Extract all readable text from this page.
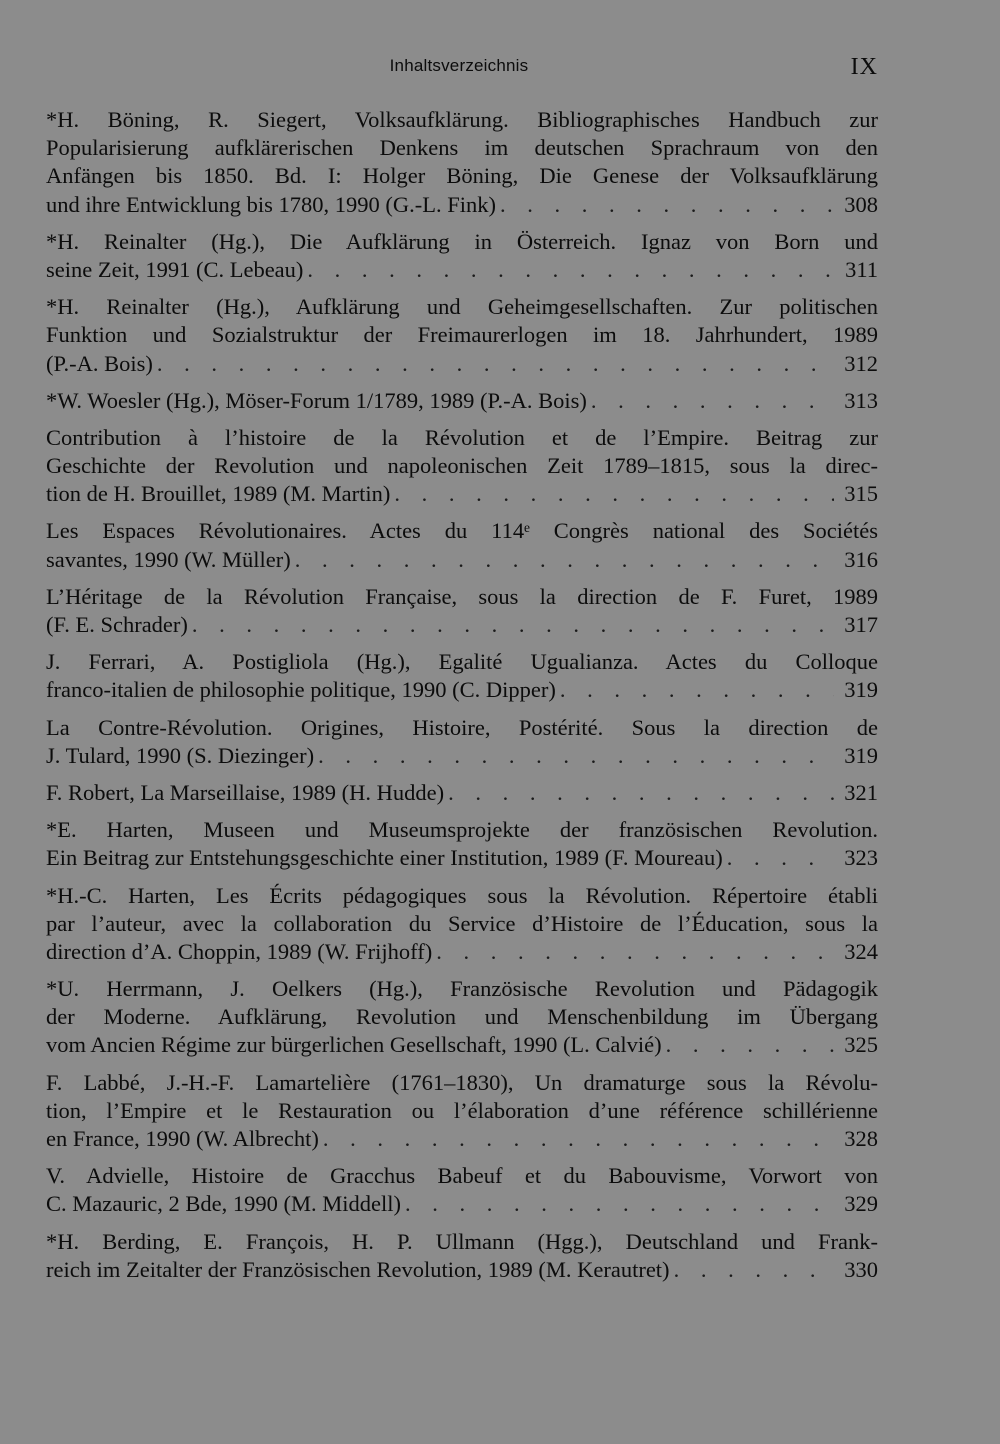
Inhaltsverzeichnis	IX
*H. Böning, R. Siegert, Volksaufklärung. Bibliographisches Handbuch zur
Popularisierung aufklärerischen Denkens im deutschen Sprachraum von den
Anfängen bis 1850. Bd. I: Holger Böning, Die Genese der Volksaufklärung
und ihre Entwicklung bis 1780, 1990 (G.-L. Fink) . . .	308
*H. Reinalter (Hg.), Die Aufklärung in Österreich. Ignaz von Born und
seine Zeit, 1991 (C. Lebeau) . . .	311
*H. Reinalter (Hg.), Aufklärung und Geheimgesellschaften. Zur politischen
Funktion und Sozialstruktur der Freimaurerlogen im 18. Jahrhundert, 1989
(P.-A. Bois) . . .	312
*W. Woesler (Hg.), Möser-Forum 1/1789, 1989 (P.-A. Bois) . . .	313
Contribution à l’histoire de la Révolution et de l’Empire. Beitrag zur
Geschichte der Revolution und napoleonischen Zeit 1789–1815, sous la direc-
tion de H. Brouillet, 1989 (M. Martin) . . .	315
Les Espaces Révolutionaires. Actes du 114ᵉ Congrès national des Sociétés
savantes, 1990 (W. Müller) . . .	316
L’Héritage de la Révolution Française, sous la direction de F. Furet, 1989
(F. E. Schrader) . . .	317
J. Ferrari, A. Postigliola (Hg.), Egalité Ugualianza. Actes du Colloque
franco-italien de philosophie politique, 1990 (C. Dipper) . . .	319
La Contre-Révolution. Origines, Histoire, Postérité. Sous la direction de
J. Tulard, 1990 (S. Diezinger) . . .	319
F. Robert, La Marseillaise, 1989 (H. Hudde) . . .	321
*E. Harten, Museen und Museumsprojekte der französischen Revolution.
Ein Beitrag zur Entstehungsgeschichte einer Institution, 1989 (F. Moureau) . . .	323
*H.-C. Harten, Les Écrits pédagogiques sous la Révolution. Répertoire établi
par l’auteur, avec la collaboration du Service d’Histoire de l’Éducation, sous la
direction d’A. Choppin, 1989 (W. Frijhoff) . . .	324
*U. Herrmann, J. Oelkers (Hg.), Französische Revolution und Pädagogik
der Moderne. Aufklärung, Revolution und Menschenbildung im Übergang
vom Ancien Régime zur bürgerlichen Gesellschaft, 1990 (L. Calvié) . . .	325
F. Labbé, J.-H.-F. Lamartelière (1761–1830), Un dramaturge sous la Révolu-
tion, l’Empire et le Restauration ou l’élaboration d’une référence schillérienne
en France, 1990 (W. Albrecht) . . .	328
V. Advielle, Histoire de Gracchus Babeuf et du Babouvisme, Vorwort von
C. Mazauric, 2 Bde, 1990 (M. Middell) . . .	329
*H. Berding, E. François, H. P. Ullmann (Hgg.), Deutschland und Frank-
reich im Zeitalter der Französischen Revolution, 1989 (M. Kerautret) . . .	330
